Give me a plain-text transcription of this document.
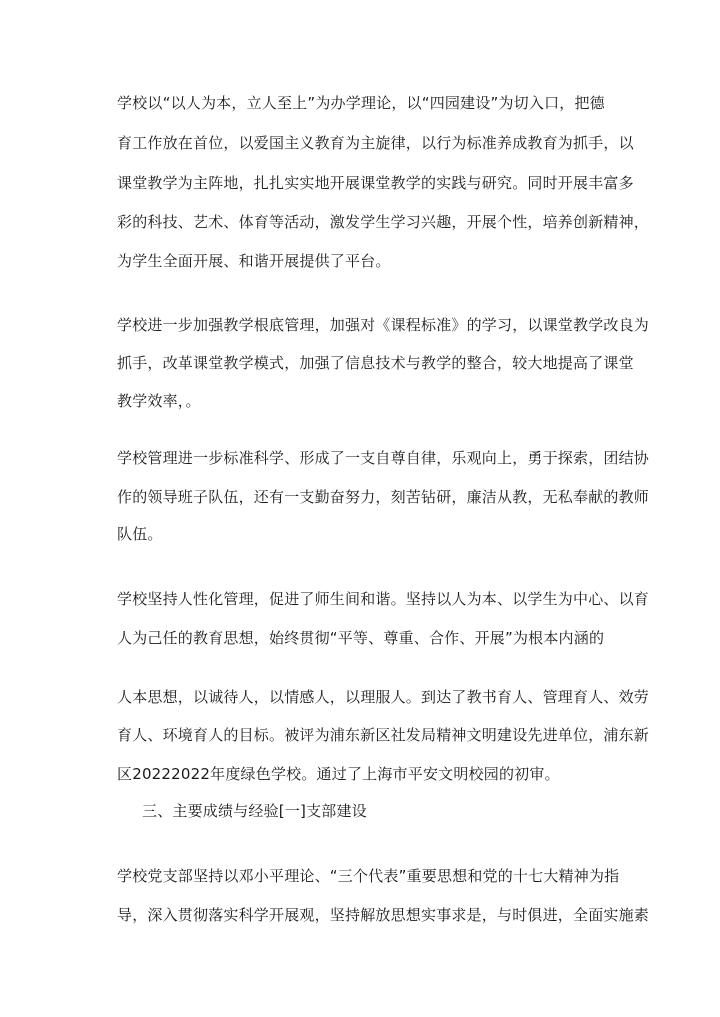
学校以“以人为本，立人至上”为办学理论，以“四园建设”为切入口，把德
育工作放在首位，以爱国主义教育为主旋律，以行为标准养成教育为抓手，以
课堂教学为主阵地，扎扎实实地开展课堂教学的实践与研究。同时开展丰富多
彩的科技、艺术、体育等活动，激发学生学习兴趣，开展个性，培养创新精神，
为学生全面开展、和谐开展提供了平台。
学校进一步加强教学根底管理，加强对《课程标准》的学习，以课堂教学改良为
抓手，改革课堂教学模式，加强了信息技术与教学的整合，较大地提高了课堂
教学效率，。
学校管理进一步标准科学、形成了一支自尊自律，乐观向上，勇于探索，团结协
作的领导班子队伍，还有一支勤奋努力，刻苦钻研，廉洁从教，无私奉献的教师
队伍。
学校坚持人性化管理，促进了师生间和谐。坚持以人为本、以学生为中心、以育
人为己任的教育思想，始终贯彻“平等、尊重、合作、开展”为根本内涵的
人本思想，以诚待人，以情感人，以理服人。到达了教书育人、管理育人、效劳
育人、环境育人的目标。被评为浦东新区社发局精神文明建设先进单位，浦东新
区20222022年度绿色学校。通过了上海市平安文明校园的初审。
三、主要成绩与经验[一]支部建设
学校党支部坚持以邓小平理论、“三个代表”重要思想和党的十七大精神为指
导，深入贯彻落实科学开展观，坚持解放思想实事求是，与时俱进，全面实施素
